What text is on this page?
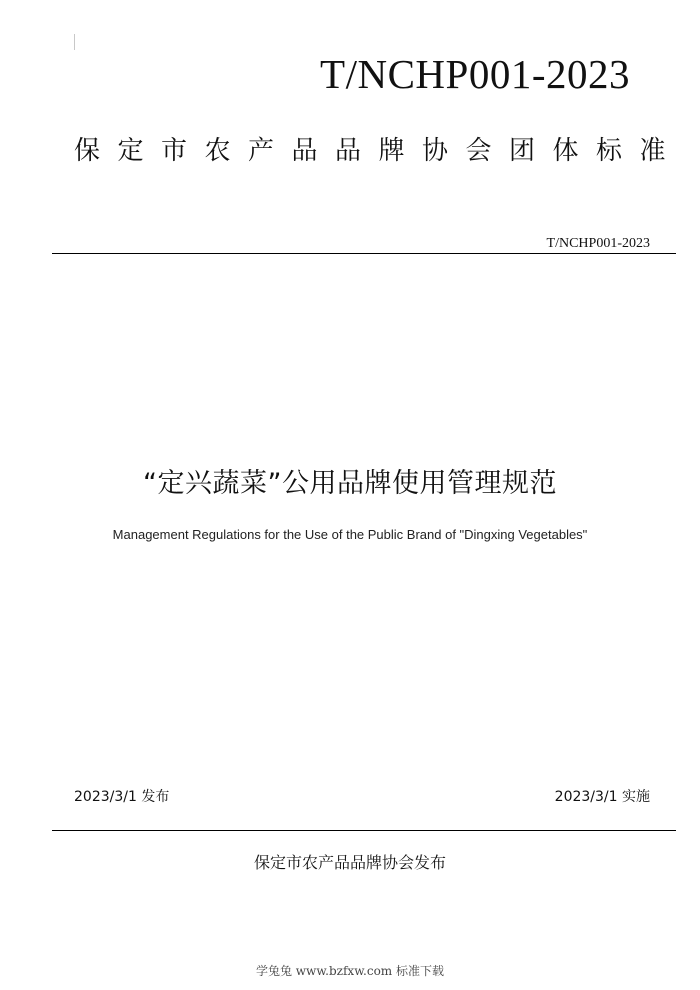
T/NCHP001-2023
保定市农产品品牌协会团体标准
T/NCHP001-2023
“定兴蔬菜”公用品牌使用管理规范
Management Regulations for the Use of the Public Brand of "Dingxing Vegetables"
2023/3/1 发布	2023/3/1 实施
保定市农产品品牌协会发布
学兔兔 www.bzfxw.com 标准下载
